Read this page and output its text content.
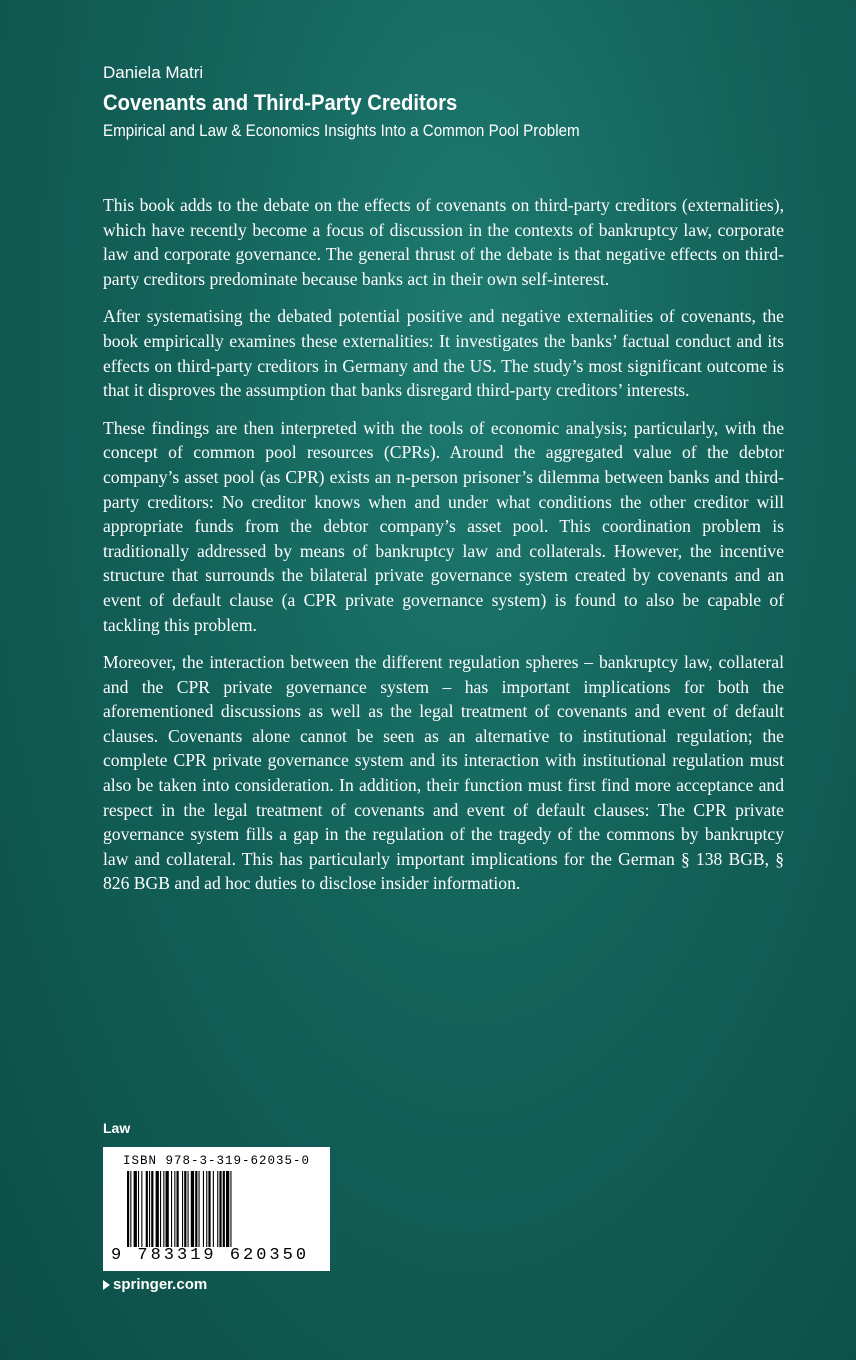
Daniela Matri
Covenants and Third-Party Creditors
Empirical and Law & Economics Insights Into a Common Pool Problem

This book adds to the debate on the effects of covenants on third-party creditors (externalities), which have recently become a focus of discussion in the contexts of bankruptcy law, corporate law and corporate governance. The general thrust of the debate is that negative effects on third-party creditors predominate because banks act in their own self-interest.

After systematising the debated potential positive and negative externalities of covenants, the book empirically examines these externalities: It investigates the banks’ factual conduct and its effects on third-party creditors in Germany and the US. The study’s most significant outcome is that it disproves the assumption that banks disregard third-party creditors’ interests.

These findings are then interpreted with the tools of economic analysis; particularly, with the concept of common pool resources (CPRs). Around the aggregated value of the debtor company’s asset pool (as CPR) exists an n-person prisoner’s dilemma between banks and third-party creditors: No creditor knows when and under what conditions the other creditor will appropriate funds from the debtor company’s asset pool. This coordination problem is traditionally addressed by means of bankruptcy law and collaterals. However, the incentive structure that surrounds the bilateral private governance system created by covenants and an event of default clause (a CPR private governance system) is found to also be capable of tackling this problem.

Moreover, the interaction between the different regulation spheres – bankruptcy law, collateral and the CPR private governance system – has important implications for both the aforementioned discussions as well as the legal treatment of covenants and event of default clauses. Covenants alone cannot be seen as an alternative to institutional regulation; the complete CPR private governance system and its interaction with institutional regulation must also be taken into consideration. In addition, their function must first find more acceptance and respect in the legal treatment of covenants and event of default clauses: The CPR private governance system fills a gap in the regulation of the tragedy of the commons by bankruptcy law and collateral. This has particularly important implications for the German § 138 BGB, § 826 BGB and ad hoc duties to disclose insider information.

Law
ISBN 978-3-319-62035-0
9 783319 620350
springer.com
